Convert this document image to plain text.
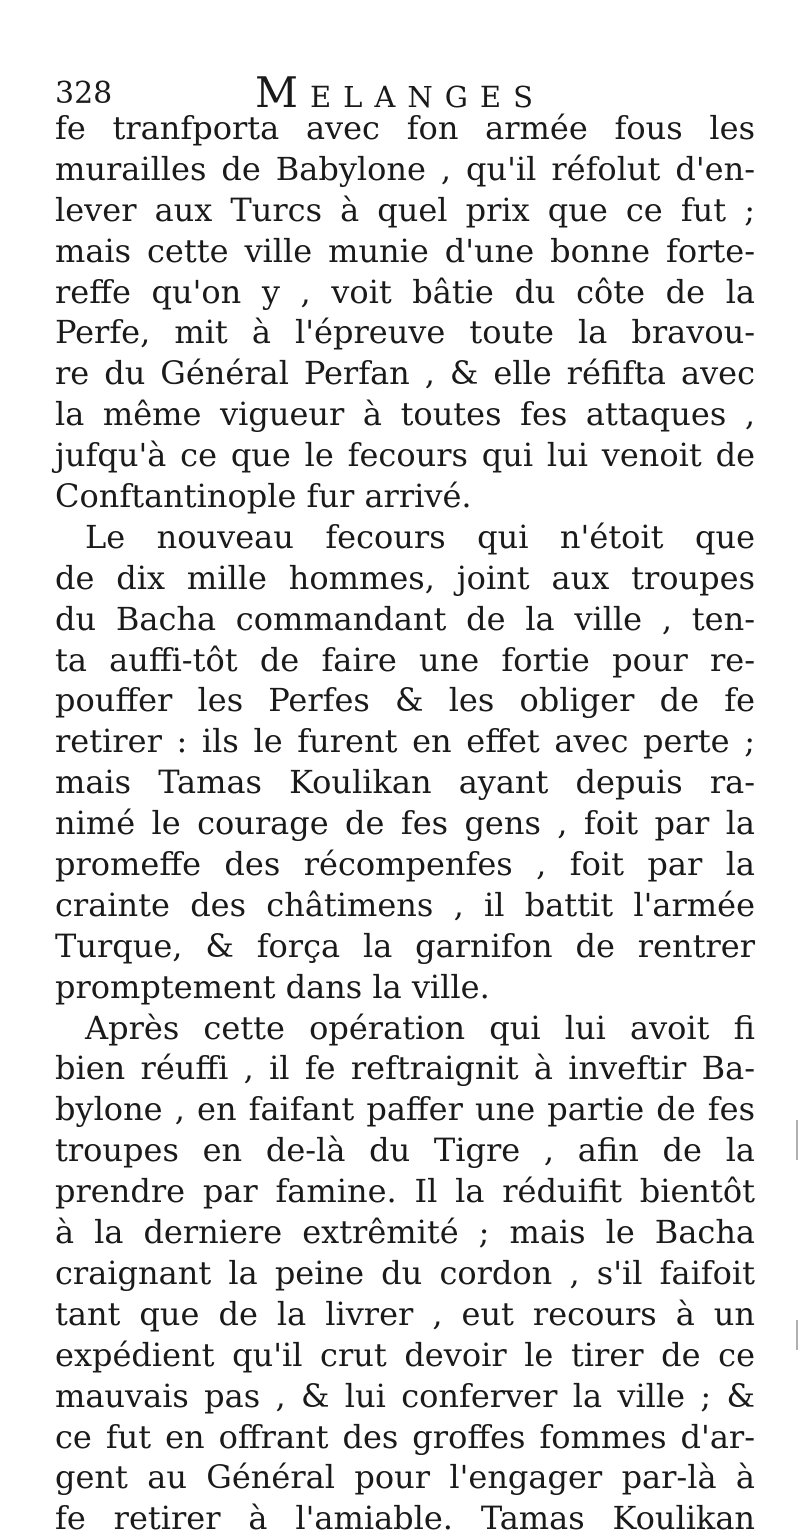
328	Melanges
fe tranfporta avec fon armée fous les
murailles de Babylone , qu'il réfolut d'en-
lever aux Turcs à quel prix que ce fut ;
mais cette ville munie d'une bonne forte-
reffe qu'on y , voit bâtie du côte de la
Perfe, mit à l'épreuve toute la bravou-
re du Général Perfan , & elle réfifta avec
la même vigueur à toutes fes attaques ,
jufqu'à ce que le fecours qui lui venoit de
Conftantinople fur arrivé.
Le nouveau fecours qui n'étoit que
de dix mille hommes, joint aux troupes
du Bacha commandant de la ville , ten-
ta auffi-tôt de faire une fortie pour re-
pouffer les Perfes & les obliger de fe
retirer : ils le furent en effet avec perte ;
mais Tamas Koulikan ayant depuis ra-
nimé le courage de fes gens , foit par la
promeffe des récompenfes , foit par la
crainte des châtimens , il battit l'armée
Turque, & força la garnifon de rentrer
promptement dans la ville.
Après cette opération qui lui avoit fi
bien réuffi , il fe reftraignit à inveftir Ba-
bylone , en faifant paffer une partie de fes
troupes en de-là du Tigre , afin de la
prendre par famine. Il la réduifit bientôt
à la derniere extrêmité ; mais le Bacha
craignant la peine du cordon , s'il faifoit
tant que de la livrer , eut recours à un
expédient qu'il crut devoir le tirer de ce
mauvais pas , & lui conferver la ville ; &
ce fut en offrant des groffes fommes d'ar-
gent au Général pour l'engager par-là à
fe retirer à l'amiable. Tamas Koulikan
